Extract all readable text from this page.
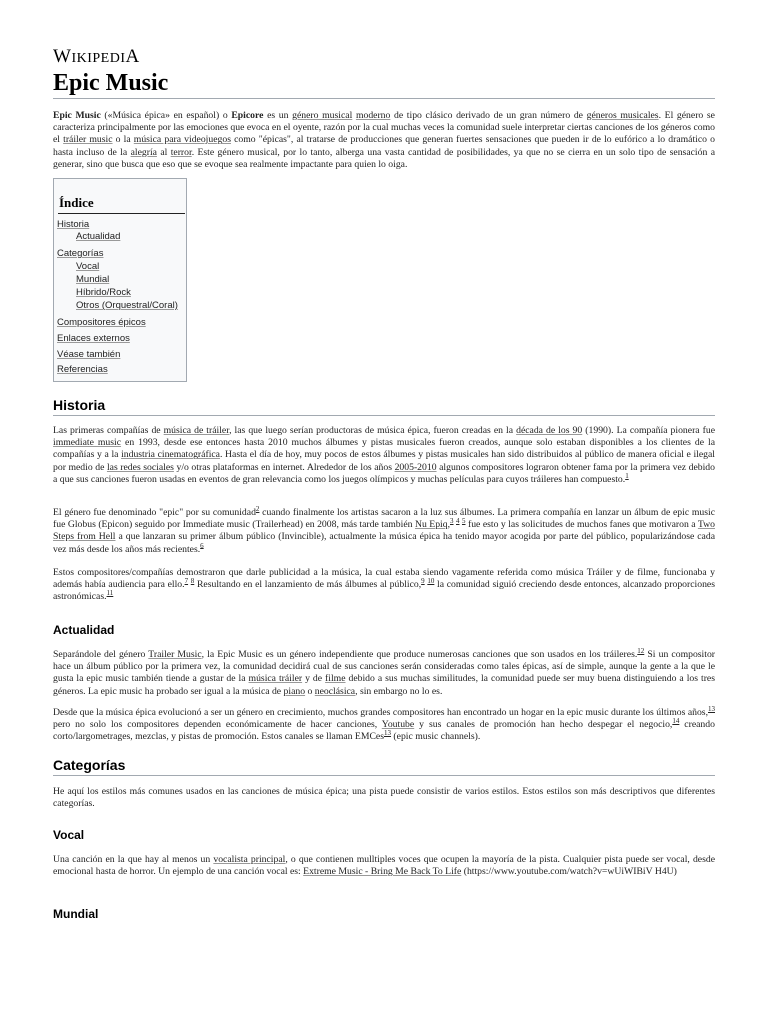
WIKIPEDIA
Epic Music

Epic Music («Música épica» en español) o Epicore es un género musical moderno de tipo clásico derivado de un gran número de géneros musicales. El género se caracteriza principalmente por las emociones que evoca en el oyente, razón por la cual muchas veces la comunidad suele interpretar ciertas canciones de los géneros como el tráiler music o la música para videojuegos como "épicas", al tratarse de producciones que generan fuertes sensaciones que pueden ir de lo eufórico a lo dramático o hasta incluso de la alegría al terror. Este género musical, por lo tanto, alberga una vasta cantidad de posibilidades, ya que no se cierra en un solo tipo de sensación a generar, sino que busca que eso que se evoque sea realmente impactante para quien lo oiga.

Índice
Historia
Actualidad
Categorías
Vocal
Mundial
Híbrido/Rock
Otros (Orquestral/Coral)
Compositores épicos
Enlaces externos
Véase también
Referencias
Historia

Las primeras compañías de música de tráiler, las que luego serían productoras de música épica, fueron creadas en la década de los 90 (1990). La compañía pionera fue immediate music en 1993, desde ese entonces hasta 2010 muchos álbumes y pistas musicales fueron creados, aunque solo estaban disponibles a los clientes de la compañías y a la industria cinematográfica. Hasta el día de hoy, muy pocos de estos álbumes y pistas musicales han sido distribuidos al público de manera oficial e ilegal por medio de las redes sociales y/o otras plataformas en internet. Alrededor de los años 2005-2010 algunos compositores lograron obtener fama por la primera vez debido a que sus canciones fueron usadas en eventos de gran relevancia como los juegos olímpicos y muchas películas para cuyos tráileres han compuesto.$^1$

El género fue denominado "epic" por su comunidad$^2$ cuando finalmente los artistas sacaron a la luz sus álbumes. La primera compañía en lanzar un álbum de epic music fue Globus (Epicon) seguido por Immediate music (Trailerhead) en 2008, más tarde también Nu Epiq,$^3$ $^4$ $^5$ fue esto y las solicitudes de muchos fanes que motivaron a Two Steps from Hell a que lanzaran su primer álbum público (Invincible), actualmente la música épica ha tenido mayor acogida por parte del público, popularizándose cada vez más desde los años más recientes.$^6$

Estos compositores/compañías demostraron que darle publicidad a la música, la cual estaba siendo vagamente referida como música Tráiler y de filme, funcionaba y además había audiencia para ello.$^7$ $^8$ Resultando en el lanzamiento de más álbumes al público,$^9$ $^{10}$ la comunidad siguió creciendo desde entonces, alcanzado proporciones astronómicas.$^{11}$

Actualidad

Separándole del género Trailer Music, la Epic Music es un género independiente que produce numerosas canciones que son usados en los tráileres.$^{12}$ Si un compositor hace un álbum público por la primera vez, la comunidad decidirá cual de sus canciones serán consideradas como tales épicas, así de simple, aunque la gente a la que le gusta la epic music también tiende a gustar de la música tráiler y de filme debido a sus muchas similitudes, la comunidad puede ser muy buena distinguiendo a los tres géneros. La epic music ha probado ser igual a la música de piano o neoclásica, sin embargo no lo es.

Desde que la música épica evolucionó a ser un género en crecimiento, muchos grandes compositores han encontrado un hogar en la epic music durante los últimos años,$^{13}$ pero no solo los compositores dependen económicamente de hacer canciones, Youtube y sus canales de promoción han hecho despegar el negocio,$^{14}$ creando corto/largometrages, mezclas, y pistas de promoción. Estos canales se llaman EMCes$^{13}$ (epic music channels).

Categorías

He aquí los estilos más comunes usados en las canciones de música épica; una pista puede consistir de varios estilos. Estos estilos son más descriptivos que diferentes categorías.

Vocal

Una canción en la que hay al menos un vocalista principal, o que contienen mulltiples voces que ocupen la mayoría de la pista. Cualquier pista puede ser vocal, desde emocional hasta de horror. Un ejemplo de una canción vocal es: Extreme Music - Bring Me Back To Life (https://www.youtube.com/watch?v=wUiWIBiV H4U)

Mundial
